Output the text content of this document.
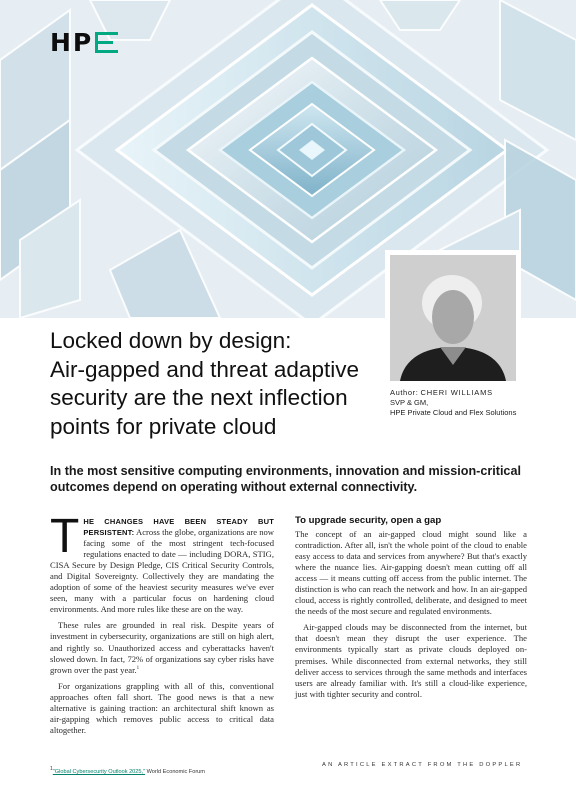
HP
Author: CHERI WILLIAMS
SVP & GM,
HPE Private Cloud and Flex Solutions
Locked down by design:
Air-gapped and threat adaptive
security are the next inflection
points for private cloud
In the most sensitive computing environments, innovation and mission-critical
outcomes depend on operating without external connectivity.

THE CHANGES HAVE BEEN STEADY BUT PERSISTENT: Across the globe, organizations are now facing some of the most stringent tech-focused regulations enacted to date — including DORA, STIG, CISA Secure by Design Pledge, CIS Critical Security Controls, and Digital Sovereignty. Collectively they are mandating the adoption of some of the heaviest security measures we've ever seen, many with a particular focus on hardening cloud environments. And more rules like these are on the way.

These rules are grounded in real risk. Despite years of investment in cybersecurity, organizations are still on high alert, and rightly so. Unauthorized access and cyberattacks haven't slowed down. In fact, 72% of organizations say cyber risks have grown over the past year.$^1$

For organizations grappling with all of this, conventional approaches often fall short. The good news is that a new alternative is gaining traction: an architectural shift known as air-gapping which removes public access to critical data altogether.

To upgrade security, open a gap

The concept of an air-gapped cloud might sound like a contradiction. After all, isn't the whole point of the cloud to enable easy access to data and services from anywhere? But that's exactly where the nuance lies. Air-gapping doesn't mean cutting off all access — it means cutting off access from the public internet. The distinction is who can reach the network and how. In an air-gapped cloud, access is rightly controlled, deliberate, and designed to meet the needs of the most secure and regulated environments.

Air-gapped clouds may be disconnected from the internet, but that doesn't mean they disrupt the user experience. The environments typically start as private clouds deployed on-premises. While disconnected from external networks, they still deliver access to services through the same methods and interfaces users are already familiar with. It's still a cloud-like experience, just with tighter security and control.

$^1$"Global Cybersecurity Outlook 2025," World Economic Forum
AN ARTICLE EXTRACT FROM THE DOPPLER
